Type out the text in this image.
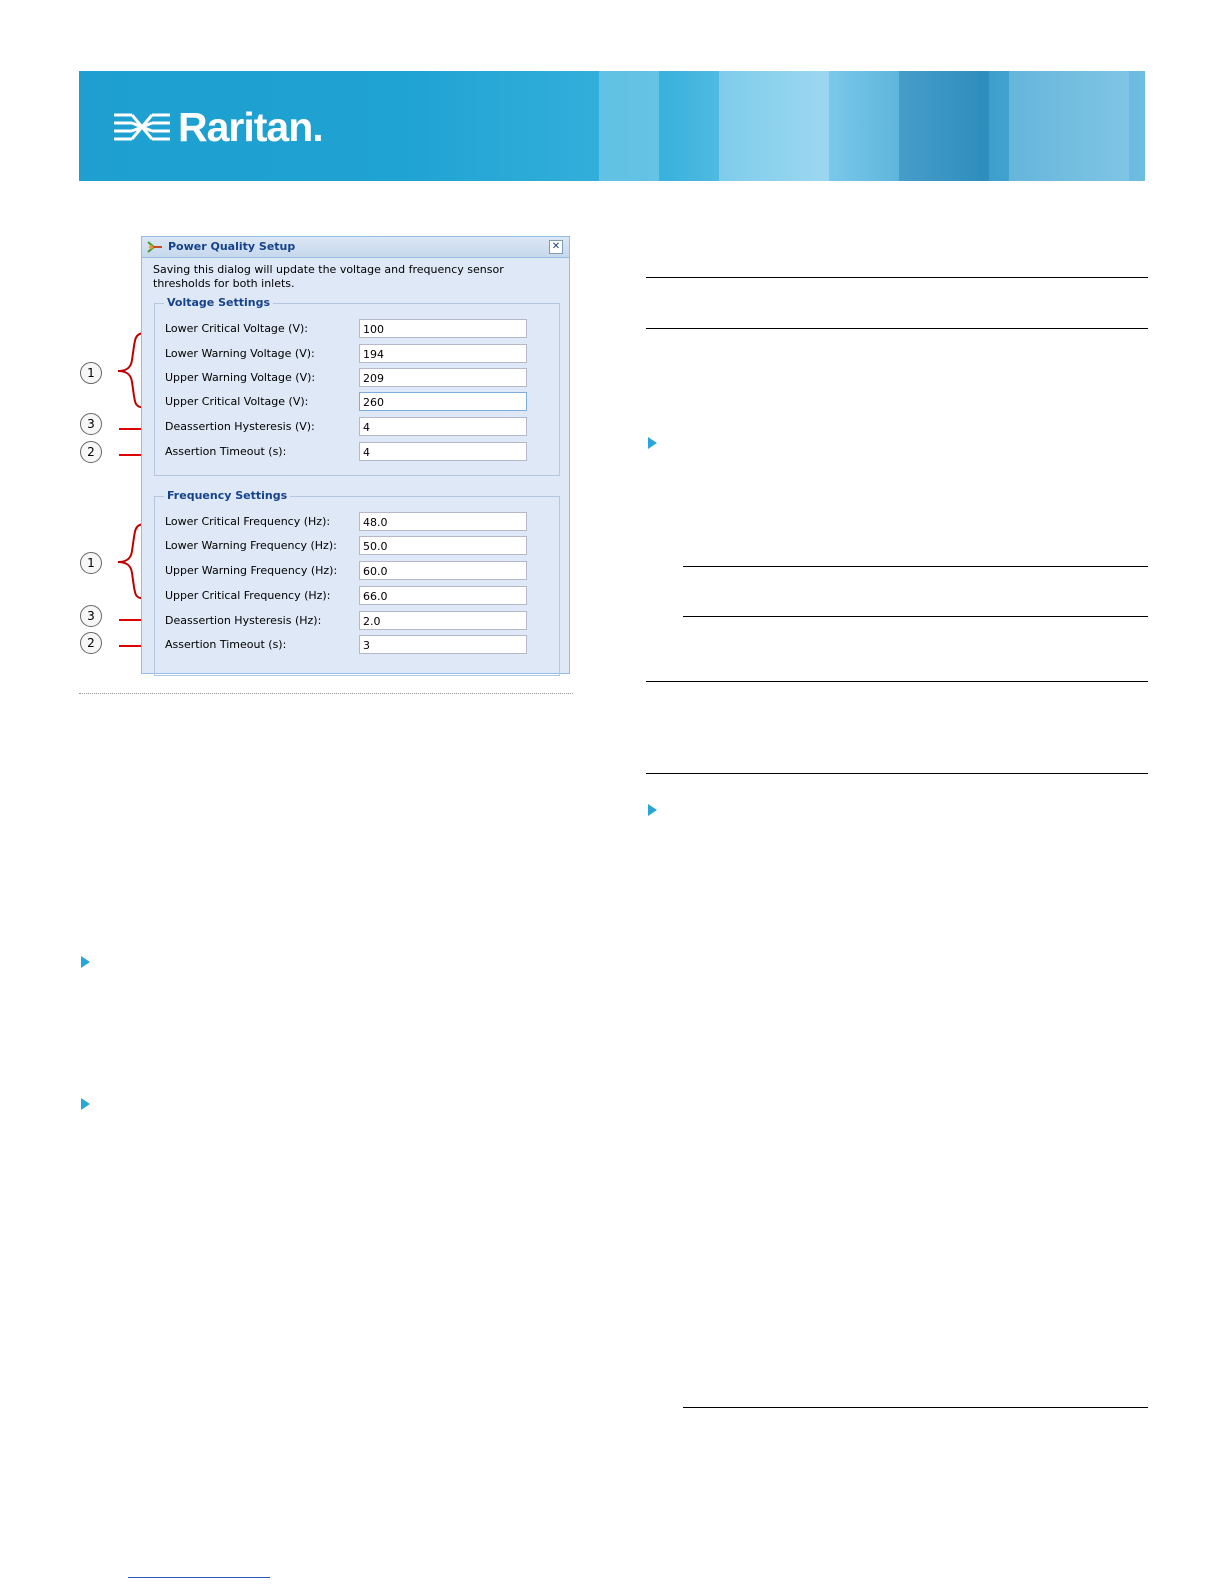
Raritan.
1
3
2
1
3
2
Power Quality Setup	✕
Saving this dialog will update the voltage and frequency sensor thresholds for both inlets.
Voltage Settings
Lower Critical Voltage (V):	100
Lower Warning Voltage (V):	194
Upper Warning Voltage (V):	209
Upper Critical Voltage (V):	260
Deassertion Hysteresis (V):	4
Assertion Timeout (s):	4
Frequency Settings
Lower Critical Frequency (Hz):	48.0
Lower Warning Frequency (Hz):	50.0
Upper Warning Frequency (Hz):	60.0
Upper Critical Frequency (Hz):	66.0
Deassertion Hysteresis (Hz):	2.0
Assertion Timeout (s):	3
